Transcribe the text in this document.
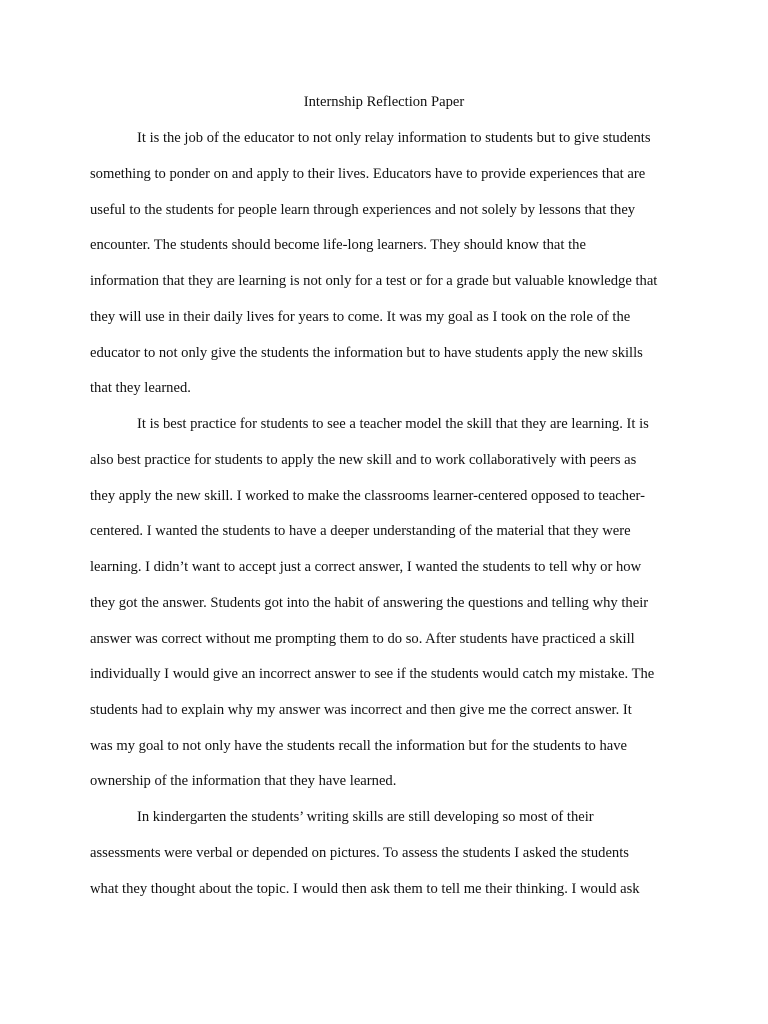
Internship Reflection Paper
It is the job of the educator to not only relay information to students but to give students
something to ponder on and apply to their lives. Educators have to provide experiences that are
useful to the students for people learn through experiences and not solely by lessons that they
encounter. The students should become life-long learners. They should know that the
information that they are learning is not only for a test or for a grade but valuable knowledge that
they will use in their daily lives for years to come. It was my goal as I took on the role of the
educator to not only give the students the information but to have students apply the new skills
that they learned.
It is best practice for students to see a teacher model the skill that they are learning. It is
also best practice for students to apply the new skill and to work collaboratively with peers as
they apply the new skill. I worked to make the classrooms learner-centered opposed to teacher-
centered. I wanted the students to have a deeper understanding of the material that they were
learning. I didn’t want to accept just a correct answer, I wanted the students to tell why or how
they got the answer. Students got into the habit of answering the questions and telling why their
answer was correct without me prompting them to do so. After students have practiced a skill
individually I would give an incorrect answer to see if the students would catch my mistake. The
students had to explain why my answer was incorrect and then give me the correct answer. It
was my goal to not only have the students recall the information but for the students to have
ownership of the information that they have learned.
In kindergarten the students’ writing skills are still developing so most of their
assessments were verbal or depended on pictures. To assess the students I asked the students
what they thought about the topic. I would then ask them to tell me their thinking. I would ask
